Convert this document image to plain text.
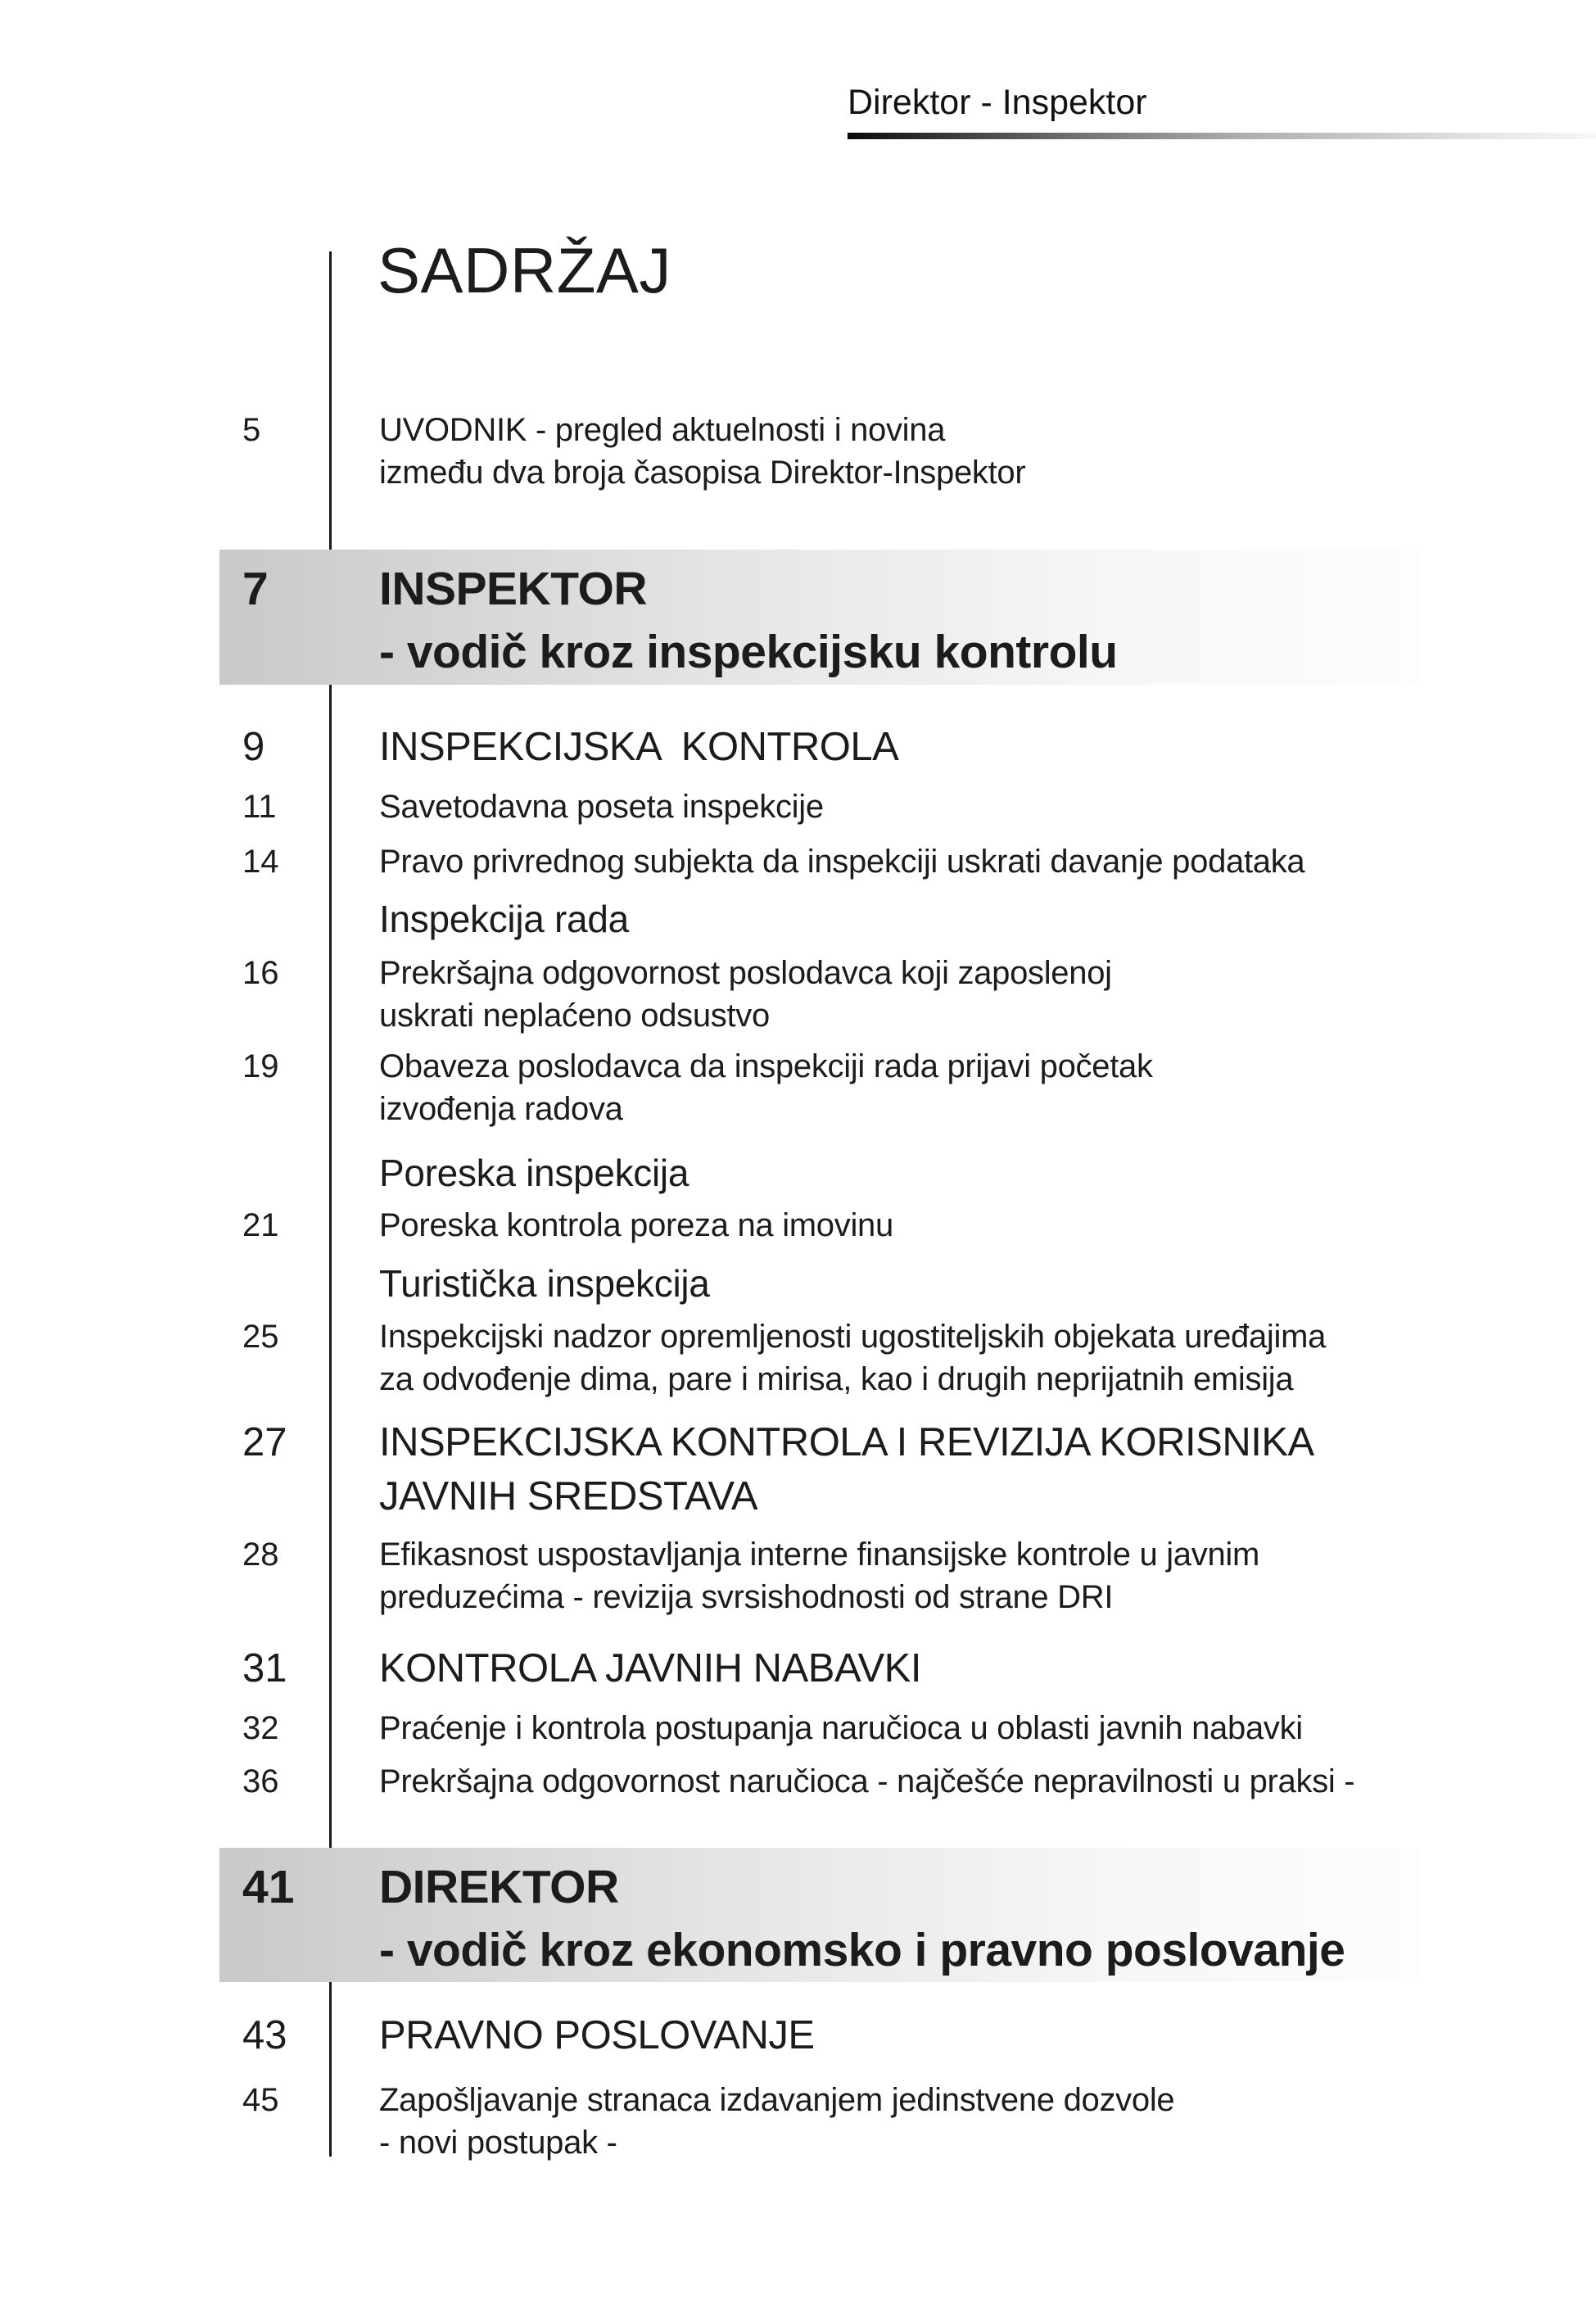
Direktor - Inspektor
SADRŽAJ
5	UVODNIK - pregled aktuelnosti i novina
između dva broja časopisa Direktor-Inspektor
7 INSPEKTOR
- vodič kroz inspekcijsku kontrolu
9	INSPEKCIJSKA  KONTROLA
11	Savetodavna poseta inspekcije
14	Pravo privrednog subjekta da inspekciji uskrati davanje podataka
Inspekcija rada
16	Prekršajna odgovornost poslodavca koji zaposlenoj
uskrati neplaćeno odsustvo
19	Obaveza poslodavca da inspekciji rada prijavi početak
izvođenja radova
Poreska inspekcija
21	Poreska kontrola poreza na imovinu
Turistička inspekcija
25	Inspekcijski nadzor opremljenosti ugostiteljskih objekata uređajima
za odvođenje dima, pare i mirisa, kao i drugih neprijatnih emisija
27 INSPEKCIJSKA KONTROLA I REVIZIJA KORISNIKA
JAVNIH SREDSTAVA
28	Efikasnost uspostavljanja interne finansijske kontrole u javnim
preduzećima - revizija svrsishodnosti od strane DRI
31 KONTROLA JAVNIH NABAVKI
32	Praćenje i kontrola postupanja naručioca u oblasti javnih nabavki
36	Prekršajna odgovornost naručioca - najčešće nepravilnosti u praksi -
41 DIREKTOR
- vodič kroz ekonomsko i pravno poslovanje
43 PRAVNO POSLOVANJE
45	Zapošljavanje stranaca izdavanjem jedinstvene dozvole
- novi postupak -
